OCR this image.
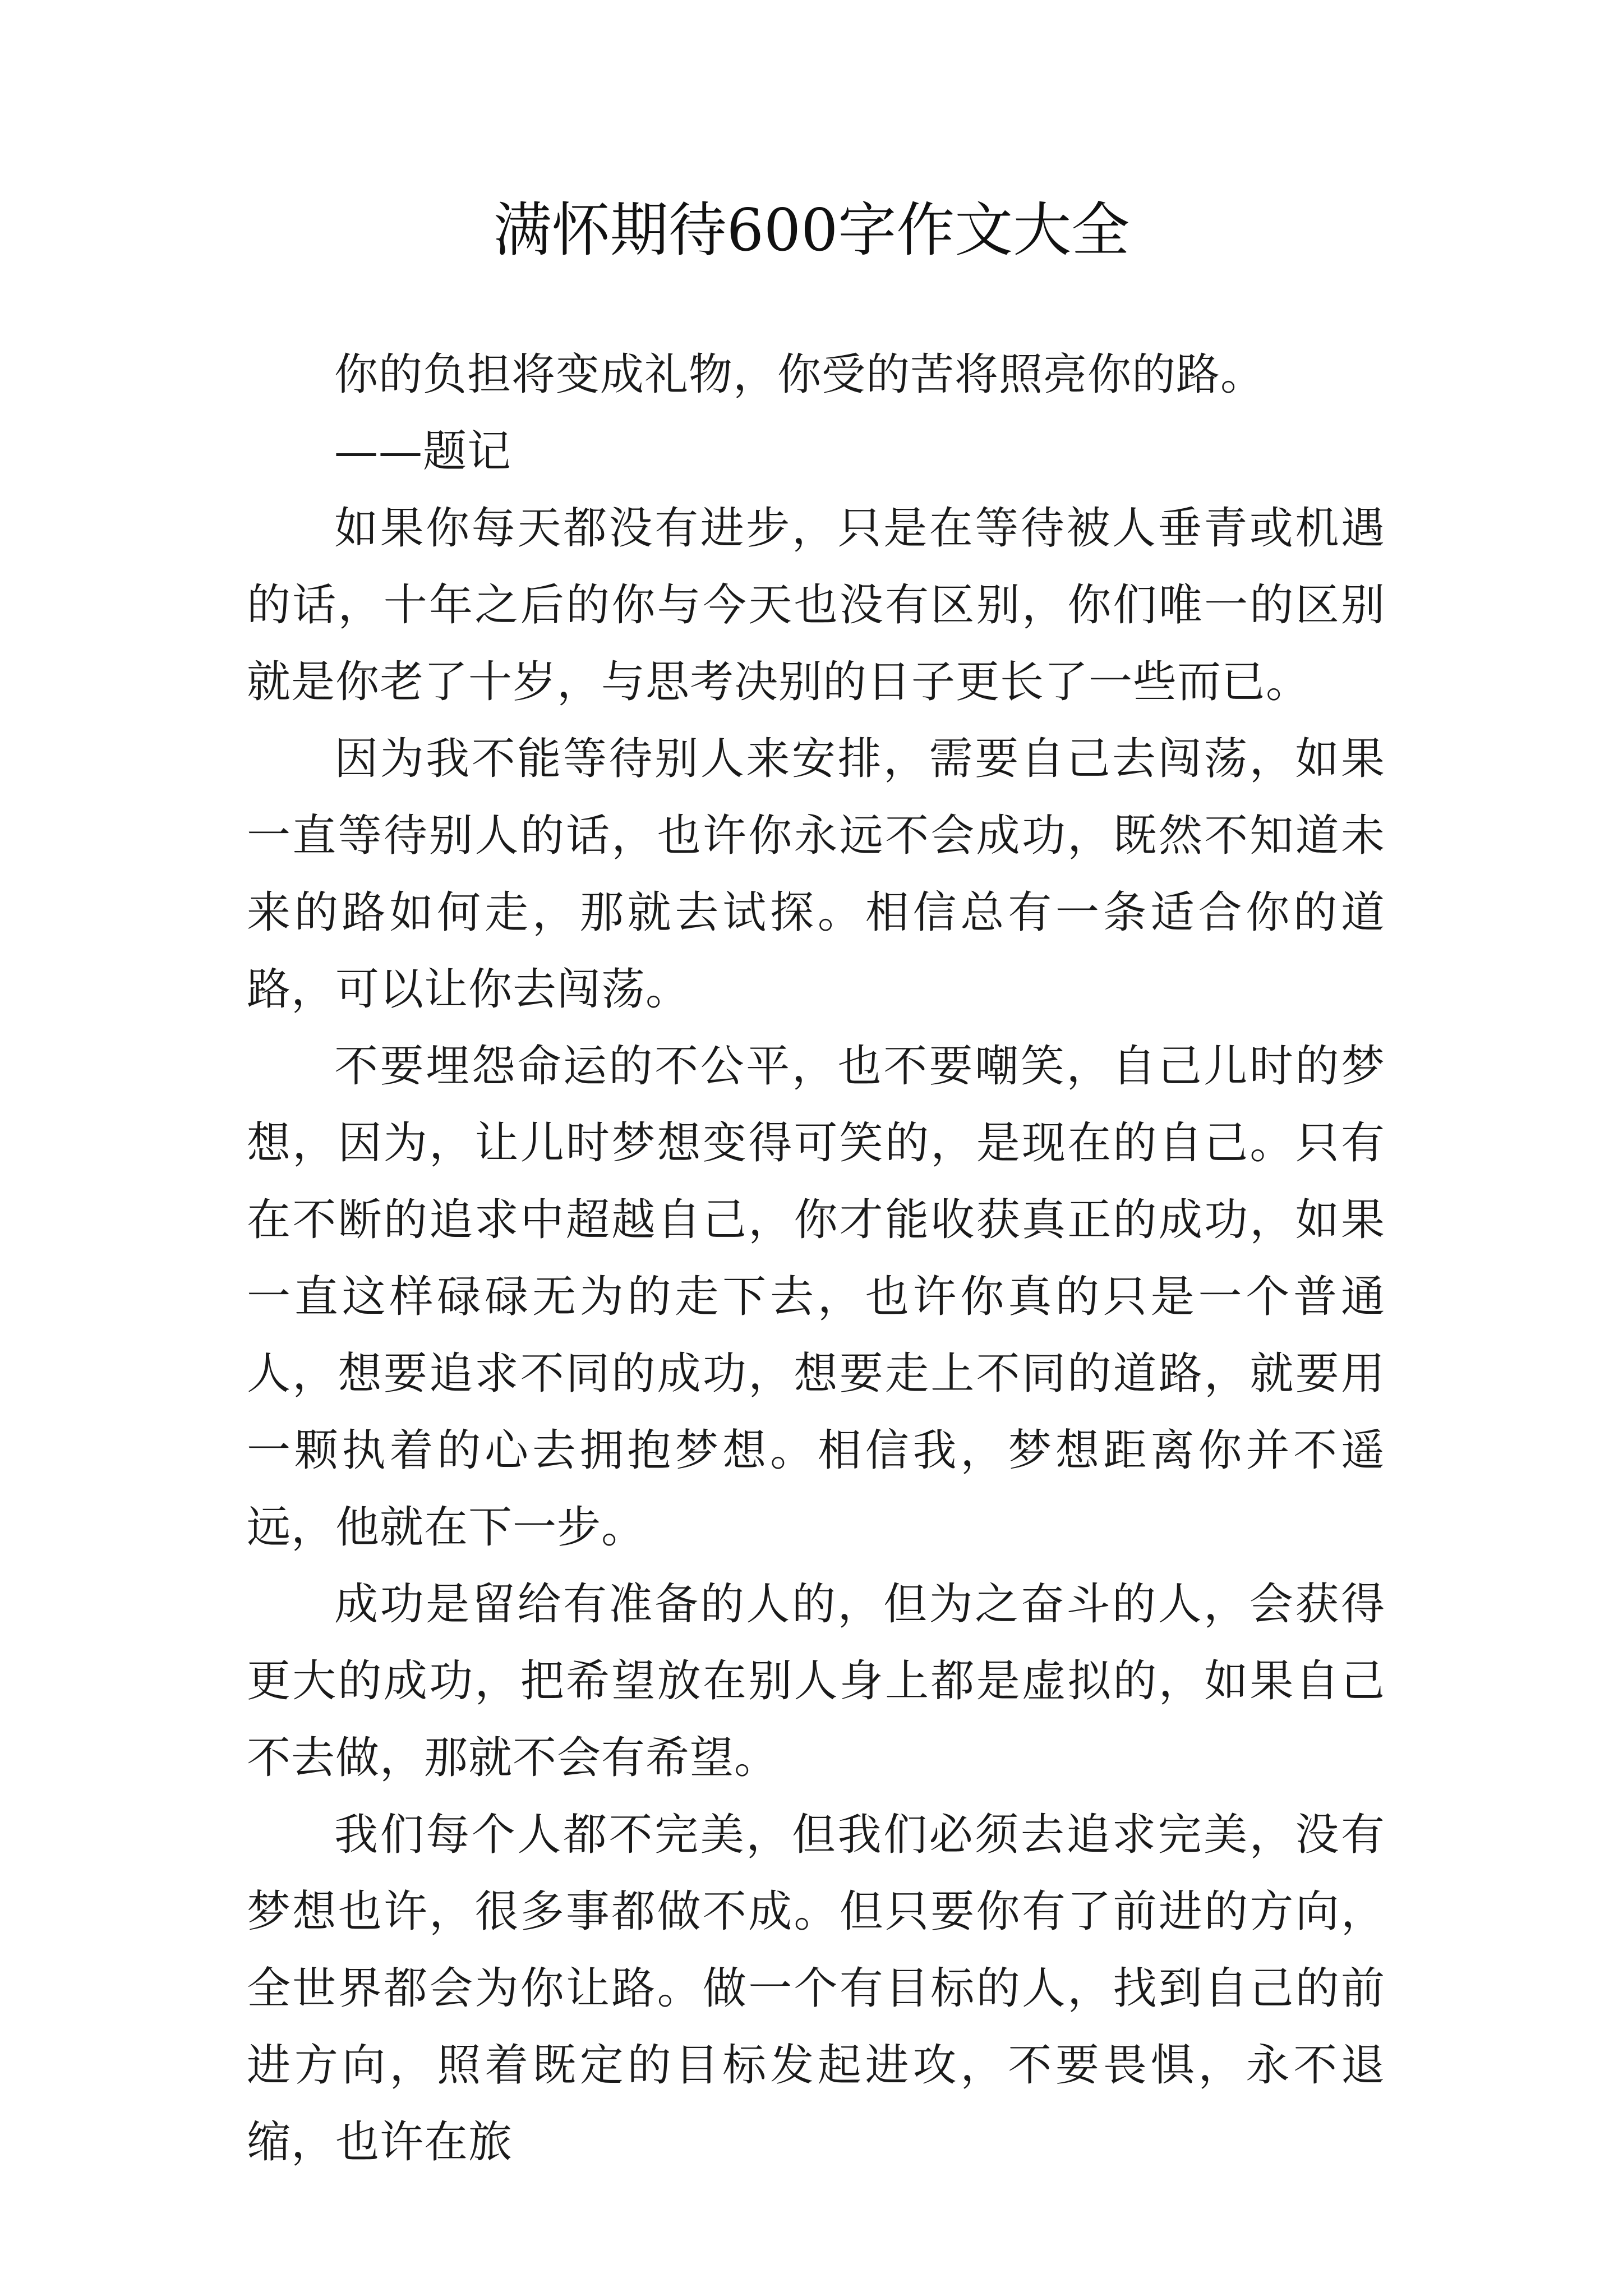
满怀期待600字作文大全

你的负担将变成礼物，你受的苦将照亮你的路。

——题记

如果你每天都没有进步，只是在等待被人垂青或机遇的话，十年之后的你与今天也没有区别，你们唯一的区别就是你老了十岁，与思考决别的日子更长了一些而已。

因为我不能等待别人来安排，需要自己去闯荡，如果一直等待别人的话，也许你永远不会成功，既然不知道未来的路如何走，那就去试探。相信总有一条适合你的道路，可以让你去闯荡。

不要埋怨命运的不公平，也不要嘲笑，自己儿时的梦想，因为，让儿时梦想变得可笑的，是现在的自己。只有在不断的追求中超越自己，你才能收获真正的成功，如果一直这样碌碌无为的走下去，也许你真的只是一个普通人，想要追求不同的成功，想要走上不同的道路，就要用一颗执着的心去拥抱梦想。相信我，梦想距离你并不遥远，他就在下一步。

成功是留给有准备的人的，但为之奋斗的人，会获得更大的成功，把希望放在别人身上都是虚拟的，如果自己不去做，那就不会有希望。

我们每个人都不完美，但我们必须去追求完美，没有梦想也许，很多事都做不成。但只要你有了前进的方向，全世界都会为你让路。做一个有目标的人，找到自己的前进方向，照着既定的目标发起进攻，不要畏惧，永不退缩，也许在旅
